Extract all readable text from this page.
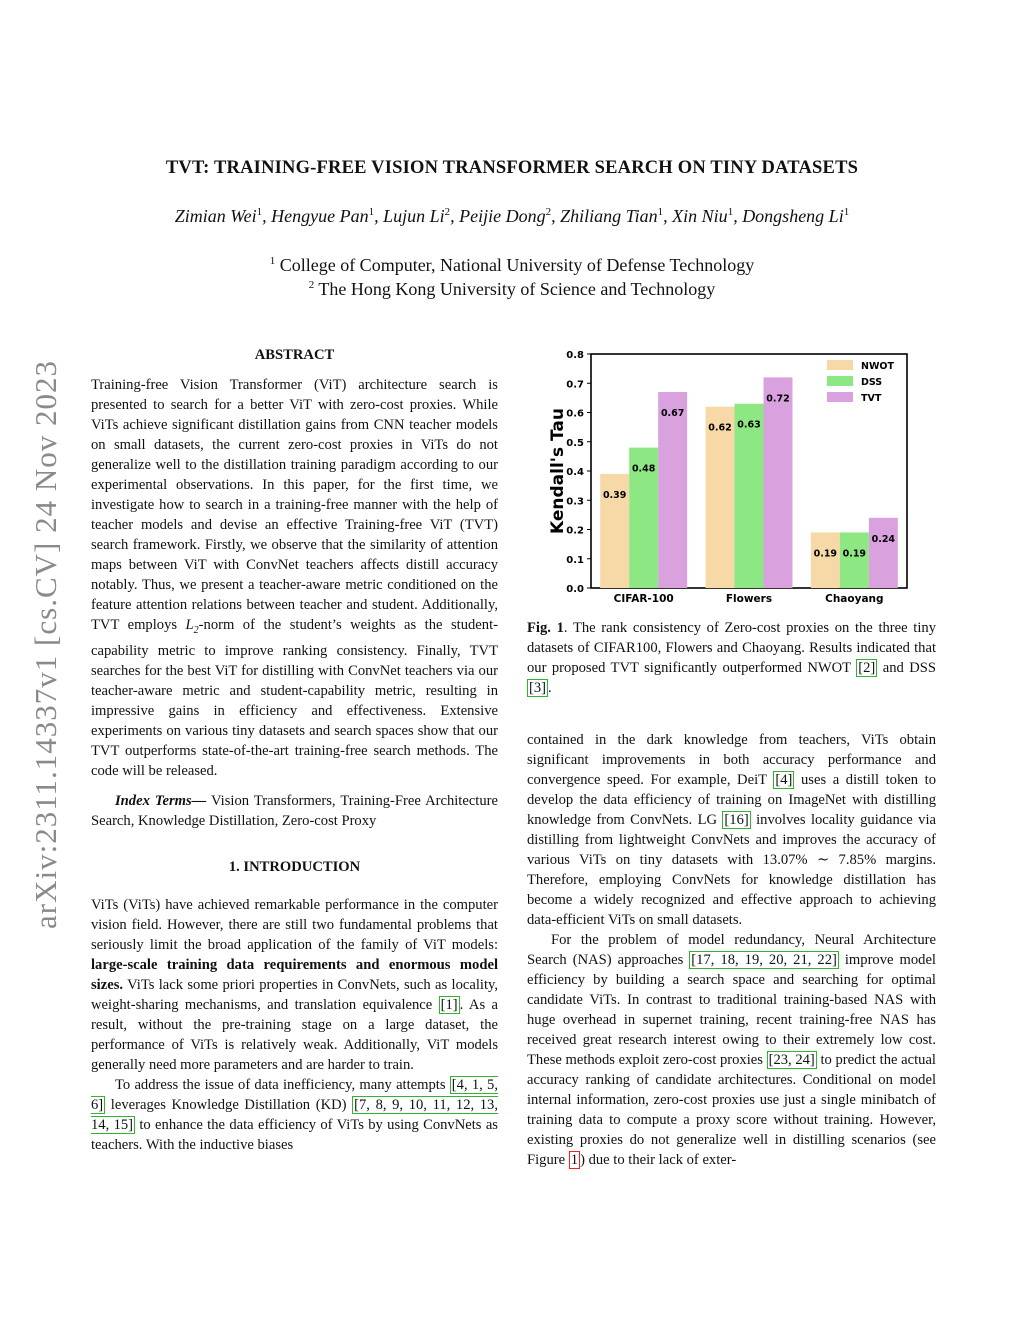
arXiv:2311.14337v1 [cs.CV] 24 Nov 2023
TVT: TRAINING-FREE VISION TRANSFORMER SEARCH ON TINY DATASETS
Zimian Wei$^1$, Hengyue Pan$^1$, Lujun Li$^2$, Peijie Dong$^2$, Zhiliang Tian$^1$, Xin Niu$^1$, Dongsheng Li$^1$
$^1$ College of Computer, National University of Defense Technology
$^2$ The Hong Kong University of Science and Technology
ABSTRACT

Training-free Vision Transformer (ViT) architecture search is presented to search for a better ViT with zero-cost proxies. While ViTs achieve significant distillation gains from CNN teacher models on small datasets, the current zero-cost proxies in ViTs do not generalize well to the distillation training paradigm according to our experimental observations. In this paper, for the first time, we investigate how to search in a training-free manner with the help of teacher models and devise an effective Training-free ViT (TVT) search framework. Firstly, we observe that the similarity of attention maps between ViT with ConvNet teachers affects distill accuracy notably. Thus, we present a teacher-aware metric conditioned on the feature attention relations between teacher and student. Additionally, TVT employs $L_2$-norm of the student’s weights as the student-capability metric to improve ranking consistency. Finally, TVT searches for the best ViT for distilling with ConvNet teachers via our teacher-aware metric and student-capability metric, resulting in impressive gains in efficiency and effectiveness. Extensive experiments on various tiny datasets and search spaces show that our TVT outperforms state-of-the-art training-free search methods. The code will be released.

Index Terms— Vision Transformers, Training-Free Architecture Search, Knowledge Distillation, Zero-cost Proxy

1. INTRODUCTION

ViTs (ViTs) have achieved remarkable performance in the computer vision field. However, there are still two fundamental problems that seriously limit the broad application of the family of ViT models: large-scale training data requirements and enormous model sizes. ViTs lack some priori properties in ConvNets, such as locality, weight-sharing mechanisms, and translation equivalence [1] . As a result, without the pre-training stage on a large dataset, the performance of ViTs is relatively weak. Additionally, ViT models generally need more parameters and are harder to train.

To address the issue of data inefficiency, many attempts [4, 1, 5, 6] leverages Knowledge Distillation (KD) [7, 8, 9, 10, 11, 12, 13, 14, 15] to enhance the data efficiency of ViTs by using ConvNets as teachers. With the inductive biases

0.0
0.1
0.2
0.3
0.4
0.5
0.6
0.7
0.8
Kendall's Tau	0.39
0.48
0.67
CIFAR-100
0.62 0.63
0.72
Flowers
0.19 0.19
0.24
Chaoyang
NWOT
DSS
TVT
Fig. 1. The rank consistency of Zero-cost proxies on the three tiny datasets of CIFAR100, Flowers and Chaoyang. Results indicated that our proposed TVT significantly outperformed NWOT [2] and DSS [3] .

contained in the dark knowledge from teachers, ViTs obtain significant improvements in both accuracy performance and convergence speed. For example, DeiT [4] uses a distill token to develop the data efficiency of training on ImageNet with distilling knowledge from ConvNets. LG [16] involves locality guidance via distilling from lightweight ConvNets and improves the accuracy of various ViTs on tiny datasets with 13.07% ∼ 7.85% margins. Therefore, employing ConvNets for knowledge distillation has become a widely recognized and effective approach to achieving data-efficient ViTs on small datasets.

For the problem of model redundancy, Neural Architecture Search (NAS) approaches [17, 18, 19, 20, 21, 22] improve model efficiency by building a search space and searching for optimal candidate ViTs. In contrast to traditional training-based NAS with huge overhead in supernet training, recent training-free NAS has received great research interest owing to their extremely low cost. These methods exploit zero-cost proxies [23, 24] to predict the actual accuracy ranking of candidate architectures. Conditional on model internal information, zero-cost proxies use just a single minibatch of training data to compute a proxy score without training. However, existing proxies do not generalize well in distilling scenarios (see Figure 1 ) due to their lack of exter-
